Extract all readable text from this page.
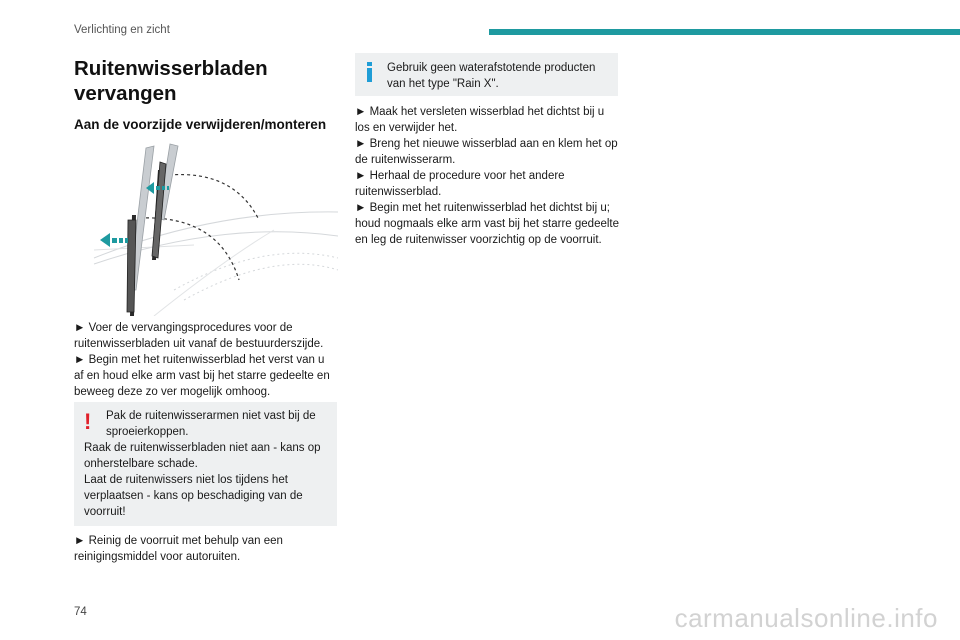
Verlichting en zicht
Ruitenwisserbladen
vervangen
Aan de voorzijde verwijderen/monteren

► Voer de vervangingsprocedures voor de
ruitenwisserbladen uit vanaf de bestuurderszijde.

► Begin met het ruitenwisserblad het verst van u
af en houd elke arm vast bij het starre gedeelte en
beweeg deze zo ver mogelijk omhoog.

!	Pak de ruitenwisserarmen niet vast bij de
sproeierkoppen.
Raak de ruitenwisserbladen niet aan - kans op
onherstelbare schade.
Laat de ruitenwissers niet los tijdens het
verplaatsen - kans op beschadiging van de
voorruit!
► Reinig de voorruit met behulp van een
reinigingsmiddel voor autoruiten.
Gebruik geen waterafstotende producten
van het type "Rain X".

► Maak het versleten wisserblad het dichtst bij u
los en verwijder het.

► Breng het nieuwe wisserblad aan en klem het op
de ruitenwisserarm.

► Herhaal de procedure voor het andere
ruitenwisserblad.

► Begin met het ruitenwisserblad het dichtst bij u;
houd nogmaals elke arm vast bij het starre gedeelte
en leg de ruitenwisser voorzichtig op de voorruit.

74	carmanualsonline.info
